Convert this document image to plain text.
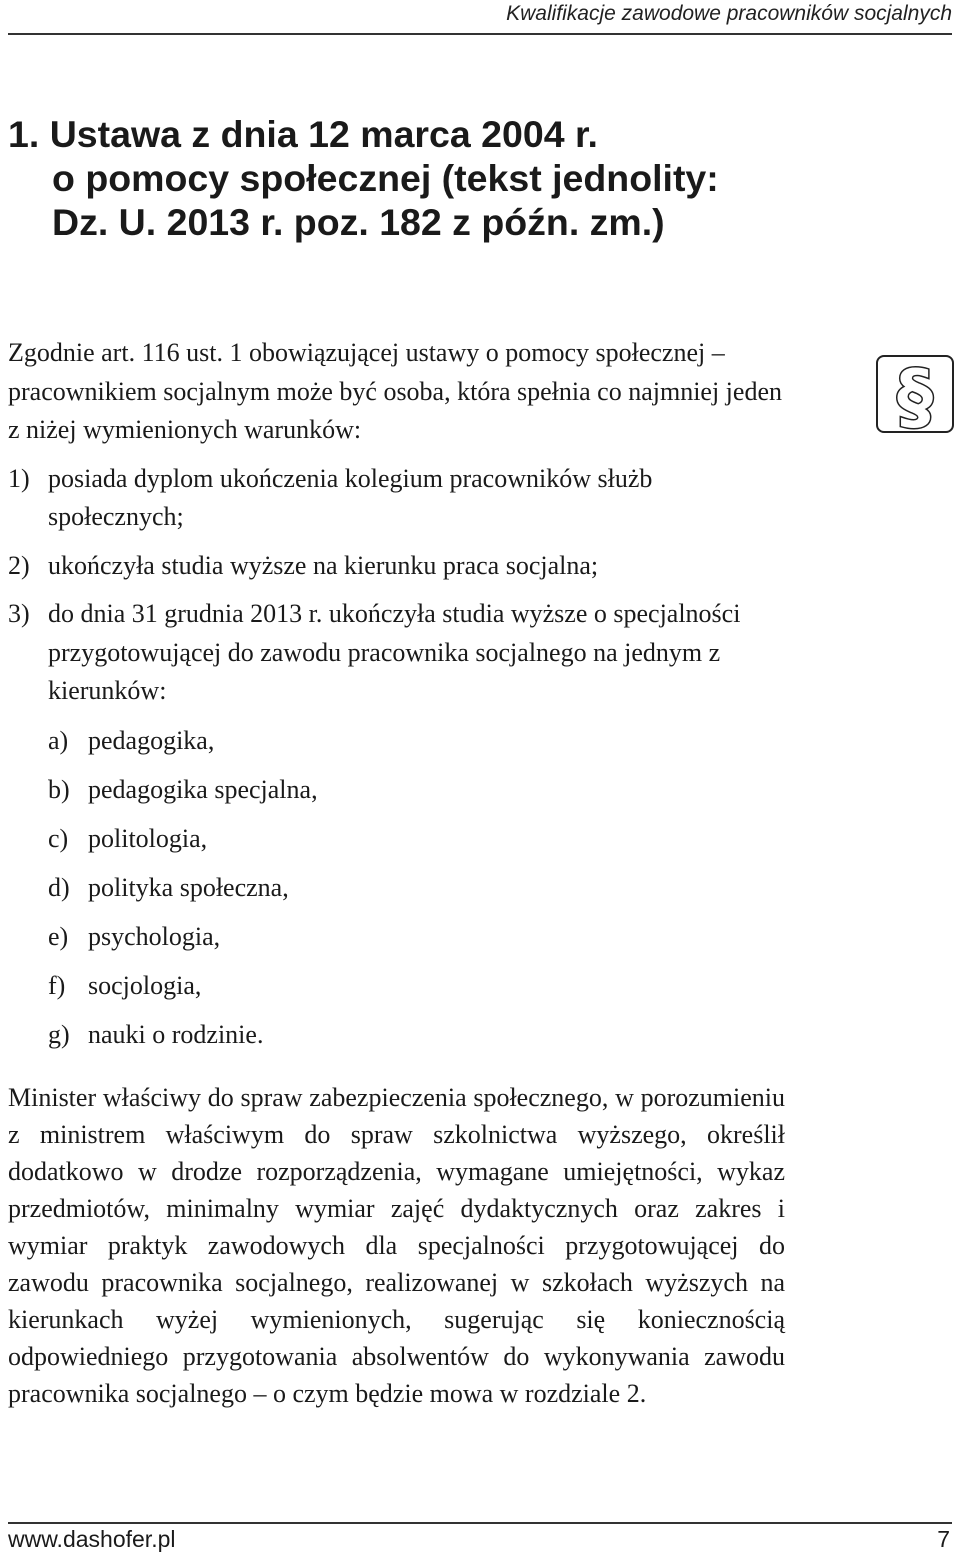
Kwalifikacje zawodowe pracowników socjalnych
1. Ustawa z dnia 12 marca 2004 r.
o pomocy społecznej (tekst jednolity:
Dz. U. 2013 r. poz. 182 z późn. zm.)

Zgodnie art. 116 ust. 1 obowiązującej ustawy o pomocy społecznej – pracownikiem socjalnym może być osoba, która spełnia co najmniej jeden z niżej wymienionych warunków:

1) posiada dyplom ukończenia kolegium pracowników służb społecznych;
2) ukończyła studia wyższe na kierunku praca socjalna;
3) do dnia 31 grudnia 2013 r. ukończyła studia wyższe o specjalności przygotowującej do zawodu pracownika socjalnego na jednym z kierunków:
a) pedagogika,
b) pedagogika specjalna,
c) politologia,
d) polityka społeczna,
e) psychologia,
f) socjologia,
g) nauki o rodzinie.

Minister właściwy do spraw zabezpieczenia społecznego, w porozumieniu z ministrem właściwym do spraw szkolnictwa wyższego, określił dodatkowo w drodze rozporządzenia, wymagane umiejętności, wykaz przedmiotów, minimalny wymiar zajęć dydaktycznych oraz zakres i wymiar praktyk zawodowych dla specjalności przygotowującej do zawodu pracownika socjalnego, realizowanej w szkołach wyższych na kierunkach wyżej wymienionych, sugerując się koniecznością odpowiedniego przygotowania absolwentów do wykonywania zawodu pracownika socjalnego – o czym będzie mowa w rozdziale 2.

§
www.dashofer.pl	7
